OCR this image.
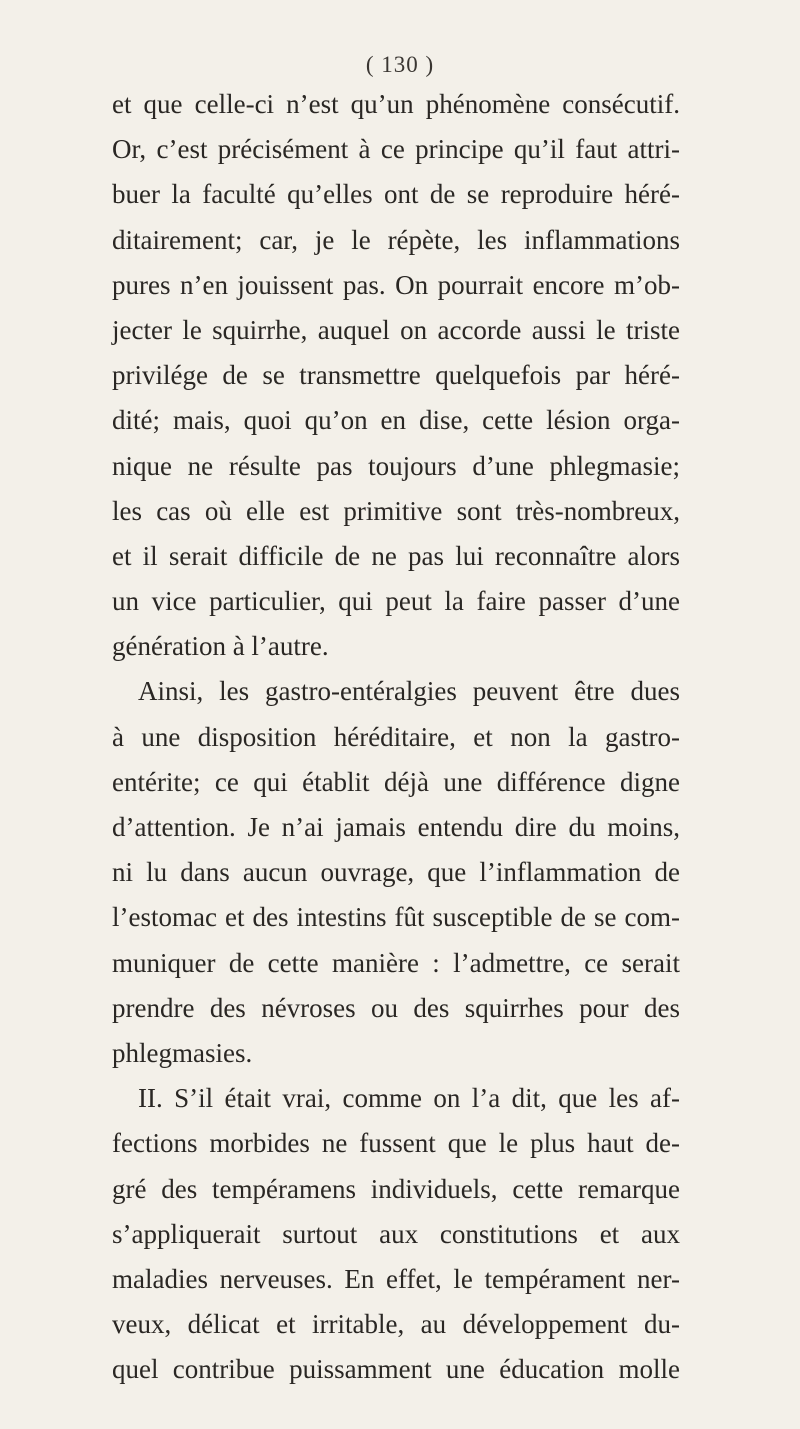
( 130 )
et que celle-ci n’est qu’un phénomène consécutif.
Or, c’est précisément à ce principe qu’il faut attri-
buer la faculté qu’elles ont de se reproduire héré-
ditairement; car, je le répète, les inflammations
pures n’en jouissent pas. On pourrait encore m’ob-
jecter le squirrhe, auquel on accorde aussi le triste
privilége de se transmettre quelquefois par héré-
dité; mais, quoi qu’on en dise, cette lésion orga-
nique ne résulte pas toujours d’une phlegmasie;
les cas où elle est primitive sont très-nombreux,
et il serait difficile de ne pas lui reconnaître alors
un vice particulier, qui peut la faire passer d’une
génération à l’autre.
Ainsi, les gastro-entéralgies peuvent être dues
à une disposition héréditaire, et non la gastro-
entérite; ce qui établit déjà une différence digne
d’attention. Je n’ai jamais entendu dire du moins,
ni lu dans aucun ouvrage, que l’inflammation de
l’estomac et des intestins fût susceptible de se com-
muniquer de cette manière : l’admettre, ce serait
prendre des névroses ou des squirrhes pour des
phlegmasies.
II. S’il était vrai, comme on l’a dit, que les af-
fections morbides ne fussent que le plus haut de-
gré des tempéramens individuels, cette remarque
s’appliquerait surtout aux constitutions et aux
maladies nerveuses. En effet, le tempérament ner-
veux, délicat et irritable, au développement du-
quel contribue puissamment une éducation molle
